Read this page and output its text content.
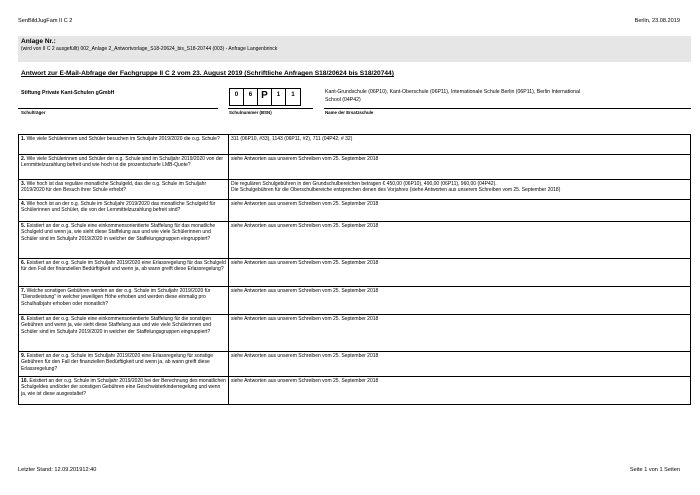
SenBildJugFam II C 2	Berlin, 23.08.2019
Anlage Nr.:
(wird von II C 2 ausgefüllt) 002_Anlage 2_Antwortvorlage_S18-20624_bis_S18-20744 (003) - Anfrage Langenbrinck
Antwort zur E-Mail-Abfrage der Fachgruppe II C 2 vom 23. August 2019 (Schriftliche Anfragen S18/20624 bis S18/20744)
Stiftung Private Kant-Schulen gGmbH	0	6 P	1	1	Kant-Grundschule (06P10), Kant-Oberschule (06P11), Internationale Schule Berlin (06P11), Berlin International School (04P42)
Schulträger	Schulnummer (BSN)	Name der Ersatzschule
1. Wie viele Schülerinnen und Schüler besuchen im Schuljahr 2019/2020 die o.g. Schule?	311 (06P10, #33), 1143 (06P11, #2), 711 (04P42, # 32)
2. Wie viele Schülerinnen und Schüler der o.g. Schule sind im Schuljahr 2019/2020 von der Lernmittelzuzahlung befreit und wie hoch ist die prozentscharfe LMB-Quote?	siehe Antworten aus unserem Schreiben vom 25. September 2018
3. Wie hoch ist das reguläre monatliche Schulgeld, das die o.g. Schule im Schuljahr 2019/2020 für den Besuch ihrer Schule erhebt?	Die regulären Schulgebühren in den Grundschulbereichen betragen € 450,00 (06P10), 490,00 (06P11), 960,00 (04P42).
Die Schulgebühren für die Oberschulbereiche entsprechen denen des Vorjahres (siehe Antworten aus unserem Schreiben vom 25. September 2018)
4. Wie hoch ist an der o.g. Schule im Schuljahr 2019/2020 das monatliche Schulgeld für Schülerinnen und Schüler, die von der Lernmittelzuzahlung befreit sind?	siehe Antworten aus unserem Schreiben vom 25. September 2018
5. Existiert an der o.g. Schule eine einkommensorientierte Staffelung für das monatliche Schulgeld und wenn ja, wie sieht diese Staffelung aus und wie viele Schülerinnen und Schüler sind im Schuljahr 2019/2020 in welcher der Staffelungsgruppen eingruppiert?	siehe Antworten aus unserem Schreiben vom 25. September 2018
6. Existiert an der o.g. Schule im Schuljahr 2019/2020 eine Erlassregelung für das Schulgeld für den Fall der finanziellen Bedürftigkeit und wenn ja, ab wann greift diese Erlassregelung?	siehe Antworten aus unserem Schreiben vom 25. September 2018
7. Welche sonstigen Gebühren werden an der o.g. Schule im Schuljahr 2019/2020 für "Dienstleistung" in welcher jeweiligen Höhe erhoben und werden diese einmalig pro Schulhalbjahr erhoben oder monatlich?	siehe Antworten aus unserem Schreiben vom 25. September 2018
8. Existiert an der o.g. Schule eine einkommensorientierte Staffelung für die sonstigen Gebühren und wenn ja, wie sieht diese Staffelung aus und wie viele Schülerinnen und Schüler sind im Schuljahr 2019/2020 in welcher der Staffelungsgruppen eingruppiert?	siehe Antworten aus unserem Schreiben vom 25. September 2018
9. Existiert an der o.g. Schule im Schuljahr 2019/2020 eine Erlassregelung für sonstige Gebühren für den Fall der finanziellen Bedürftigkeit und wenn ja, ab wann greift diese Erlassregelung?	siehe Antworten aus unserem Schreiben vom 25. September 2018
10. Existiert an der o.g. Schule im Schuljahr 2019/2020 bei der Berechnung des monatlichen Schulgeldes und/oder der sonstigen Gebühren eine Geschwisterkinderregelung und wenn ja, wie ist diese ausgestaltet?	siehe Antworten aus unserem Schreiben vom 25. September 2018
Letzter Stand: 12.09.201912:40	Seite 1 von 1 Seiten
